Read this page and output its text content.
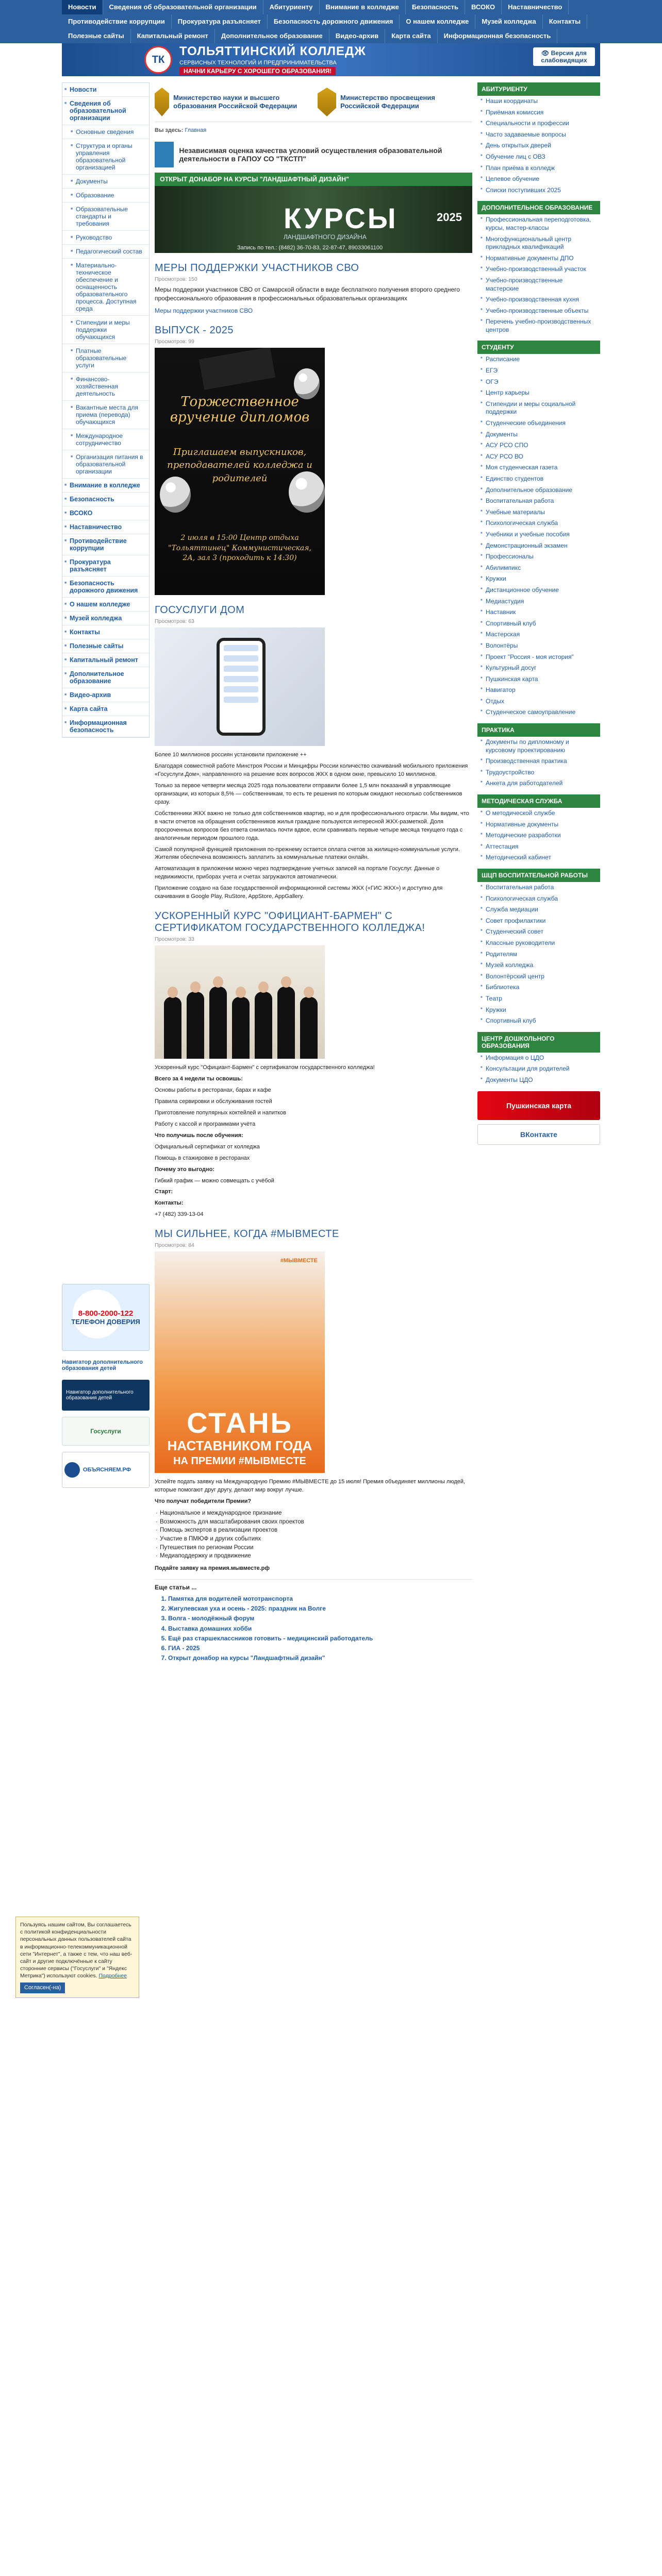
Новости	Сведения об образовательной организации	Абитуриенту	Внимание в колледже	Безопасность	ВСОКО	Наставничество
Противодействие коррупции	Прокуратура разъясняет	Безопасность дорожного движения	О нашем колледже	Музей колледжа	Контакты
Полезные сайты	Капитальный ремонт	Дополнительное образование	Видео-архив	Карта сайта	Информационная безопасность
ТК
ТОЛЬЯТТИНСКИЙ КОЛЛЕДЖ
СЕРВИСНЫХ ТЕХНОЛОГИЙ И ПРЕДПРИНИМАТЕЛЬСТВА
НАЧНИ КАРЬЕРУ С ХОРОШЕГО ОБРАЗОВАНИЯ!
👁 Версия для слабовидящих
■ Новости
■ Сведения об образовательной организации
■ Основные сведения
■ Структура и органы управления образовательной организацией
■ Документы
■ Образование
■ Образовательные стандарты и требования
■ Руководство
■ Педагогический состав
■ Материально-техническое обеспечение и оснащенность образовательного процесса. Доступная среда
■ Стипендии и меры поддержки обучающихся
■ Платные образовательные услуги
■ Финансово-хозяйственная деятельность
■ Вакантные места для приема (перевода) обучающихся
■ Международное сотрудничество
■ Организация питания в образовательной организации
■ Внимание в колледже
■ Безопасность
■ ВСОКО
■ Наставничество
■ Противодействие коррупции
■ Прокуратура разъясняет
■ Безопасность дорожного движения
■ О нашем колледже
■ Музей колледжа
■ Контакты
■ Полезные сайты
■ Капитальный ремонт
■ Дополнительное образование
■ Видео-архив
■ Карта сайта
■ Информационная безопасность
8-800-2000-122
ТЕЛЕФОН ДОВЕРИЯ
Навигатор дополнительного образования детей
Навигатор дополнительного образования детей
Госуслуги
ОБЪЯСНЯЕМ.РФ
Министерство науки и высшего образования Российской Федерации
Министерство просвещения Российской Федерации
Вы здесь: Главная
Независимая оценка качества условий осуществления образовательной деятельности в ГАПОУ СО "ТКСТП"
ОТКРЫТ ДОНАБОР НА КУРСЫ "ЛАНДШАФТНЫЙ ДИЗАЙН"
КУРСЫ
ЛАНДШАФТНОГО ДИЗАЙНА
2025
Запись по тел.: (8482) 36-70-83, 22-87-47, 89033061100
МЕРЫ ПОДДЕРЖКИ УЧАСТНИКОВ СВО
Просмотров: 150

Меры поддержки участников СВО от Самарской области в виде бесплатного получения второго среднего профессионального образования в профессиональных образовательных организациях

Меры поддержки участников СВО

ВЫПУСК - 2025
Просмотров: 99
Торжественное вручение дипломов
Приглашаем выпускников, преподавателей колледжа и родителей
2 июля в 15:00 Центр отдыха "Тольяттинец" Коммунистическая, 2А, зал 3 (проходить к 14:30)
ГОСУСЛУГИ ДОМ
Просмотров: 63

Более 10 миллионов россиян установили приложение ++

Благодаря совместной работе Минстроя России и Минцифры России количество скачиваний мобильного приложения «Госуслуги.Дом», направленного на решение всех вопросов ЖКХ в одном окне, превысило 10 миллионов.

Только за первое четверти месяца 2025 года пользователи отправили более 1,5 млн показаний в управляющие организации, из которых 8,5% — собственникам, то есть те решения по которым ожидают несколько собственников сразу.

Собственники ЖКХ важно не только для собственников квартир, но и для профессионального отрасли. Мы видим, что в части отчетов на обращения собственников жилья граждане пользуются интересной ЖКХ-разметкой. Доля просроченных вопросов без ответа снизилась почти вдвое, если сравнивать первые четыре месяца текущего года с аналогичным периодом прошлого года.

Самой популярной функцией приложения по-прежнему остается оплата счетов за жилищно-коммунальные услуги. Жителям обеспечена возможность заплатить за коммунальные платежи онлайн.

Автоматизация в приложении можно через подтверждение учетных записей на портале Госуслуг. Данные о недвижимости, приборах учета и счетах загружаются автоматически.

Приложение создано на базе государственной информационной системы ЖКХ («ГИС ЖКХ») и доступно для скачивания в Google Play, RuStore, AppStore, AppGallery.

УСКОРЕННЫЙ КУРС "ОФИЦИАНТ-БАРМЕН" С СЕРТИФИКАТОМ ГОСУДАРСТВЕННОГО КОЛЛЕДЖА!
Просмотров: 33

Ускоренный курс "Официант-Бармен" с сертификатом государственного колледжа!

Всего за 4 недели ты освоишь:

Основы работы в ресторанах, барах и кафе

Правила сервировки и обслуживания гостей

Приготовление популярных коктейлей и напитков

Работу с кассой и программами учёта

Что получишь после обучения:

Официальный сертификат от колледжа

Помощь в стажировке в ресторанах

Почему это выгодно:

Гибкий график — можно совмещать с учёбой

Старт:

Контакты:

+7 (482) 339-13-04

МЫ СИЛЬНЕЕ, КОГДА #МЫВМЕСТЕ
Просмотров: 84
#МЫВМЕСТЕ
СТАНЬ
НАСТАВНИКОМ ГОДА
НА ПРЕМИИ #МЫВМЕСТЕ

Успейте подать заявку на Международную Премию #МЫВМЕСТЕ до 15 июля! Премия объединяет миллионы людей, которые помогают друг другу, делают мир вокруг лучше.

Что получат победители Премии?

· Национальное и международное признание
· Возможность для масштабирования своих проектов
· Помощь экспертов в реализации проектов
· Участие в ПМЮФ и других событиях
· Путешествия по регионам России
· Медиаподдержку и продвижение

Подайте заявку на премия.мывместе.рф

Еще статьи ...
1. Памятка для водителей мототранспорта
2. Жигулевская уха и осень - 2025: праздник на Волге
3. Волга - молодёжный форум
4. Выставка домашних хобби
5. Ещё раз старшеклассников готовить - медицинский работодатель
6. ГИА - 2025
7. Открыт донабор на курсы "Ландшафтный дизайн"
АБИТУРИЕНТУ
■ Наши координаты
■ Приёмная комиссия
■ Специальности и профессии
■ Часто задаваемые вопросы
■ День открытых дверей
■ Обучение лиц с ОВЗ
■ План приёма в колледж
■ Целевое обучение
■ Списки поступивших 2025
ДОПОЛНИТЕЛЬНОЕ ОБРАЗОВАНИЕ
■ Профессиональная переподготовка, курсы, мастер-классы
■ Многофункциональный центр прикладных квалификаций
■ Нормативные документы ДПО
■ Учебно-производственный участок
■ Учебно-производственные мастерские
■ Учебно-производственная кухня
■ Учебно-производственные объекты
■ Перечень учебно-производственных центров
СТУДЕНТУ
■ Расписание
■ ЕГЭ
■ ОГЭ
■ Центр карьеры
■ Стипендии и меры социальной поддержки
■ Студенческие объединения
■ Документы
■ АСУ РСО СПО
■ АСУ РСО ВО
■ Моя студенческая газета
■ Единство студентов
■ Дополнительное образование
■ Воспитательная работа
■ Учебные материалы
■ Психологическая служба
■ Учебники и учебные пособия
■ Демонстрационный экзамен
■ Профессионалы
■ Абилимпикс
■ Кружки
■ Дистанционное обучение
■ Медиастудия
■ Наставник
■ Спортивный клуб
■ Мастерская
■ Волонтёры
■ Проект "Россия - моя история"
■ Культурный досуг
■ Пушкинская карта
■ Навигатор
■ Отдых
■ Студенческое самоуправление
ПРАКТИКА
■ Документы по дипломному и курсовому проектированию
■ Производственная практика
■ Трудоустройство
■ Анкета для работодателей
МЕТОДИЧЕСКАЯ СЛУЖБА
■ О методической службе
■ Нормативные документы
■ Методические разработки
■ Аттестация
■ Методический кабинет
ШЦП ВОСПИТАТЕЛЬНОЙ РАБОТЫ
■ Воспитательная работа
■ Психологическая служба
■ Служба медиации
■ Совет профилактики
■ Студенческий совет
■ Классные руководители
■ Родителям
■ Музей колледжа
■ Волонтёрский центр
■ Библиотека
■ Театр
■ Кружки
■ Спортивный клуб
ЦЕНТР ДОШКОЛЬНОГО ОБРАЗОВАНИЯ
■ Информация о ЦДО
■ Консультации для родителей
■ Документы ЦДО
Пушкинская карта
ВКонтакте
Пользуясь нашим сайтом, Вы соглашаетесь с политикой конфиденциальности персональных данных пользователей сайта в информационно-телекоммуникационной сети "Интернет", а также с тем, что наш веб-сайт и другие подключённые к сайту сторонние сервисы ("Госуслуги" и "Яндекс Метрика") используют cookies. Подробнее
Согласен(-на)
